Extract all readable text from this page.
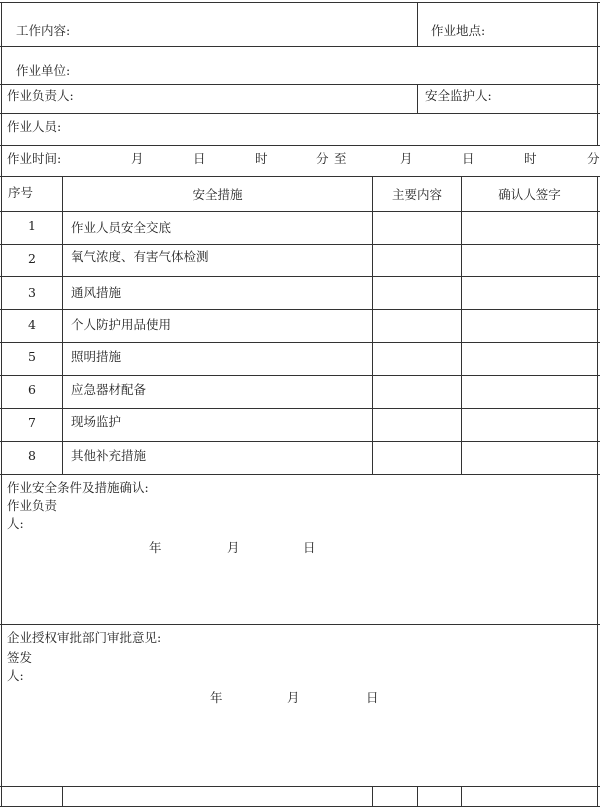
工作内容:	作业地点:
作业单位:
作业负责人:	安全监护人:
作业人员:
作业时间:	月	日	时	分 至	月	日	时	分
序号	安全措施	主要内容	确认人签字
1	作业人员安全交底
2	氧气浓度、有害气体检测
3	通风措施
4	个人防护用品使用
5	照明措施
6	应急器材配备
7	现场监护
8	其他补充措施
作业安全条件及措施确认:
作业负责
人:
年	月	日
企业授权审批部门审批意见:
签发
人:
年	月	日
